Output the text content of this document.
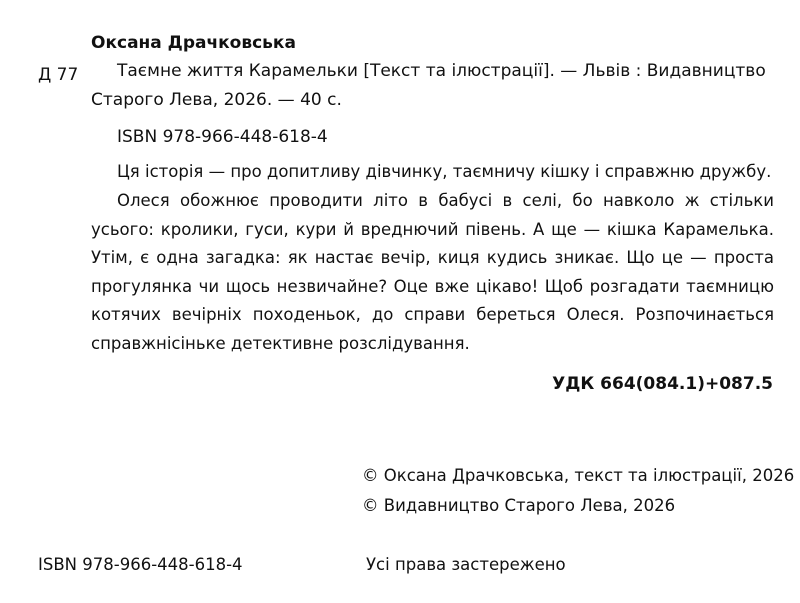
Оксана Драчковська
Д 77 Таємне життя Карамельки [Текст та ілюстрації]. — Львів : Видавництво
Старого Лева, 2026. — 40 с.
ISBN 978-966-448-618-4
Ця історія — про допитливу дівчинку, таємничу кішку і справжню дружбу.
Олеся обожнює проводити літо в бабусі в селі, бо навколо ж стільки усього: кролики, гуси, кури й вреднючий півень. А ще — кішка Карамелька. Утім, є одна загадка: як настає вечір, киця кудись зникає. Що це — проста прогулянка чи щось незвичайне? Оце вже цікаво! Щоб розгадати таємницю котячих вечірніх походеньок, до справи береться Олеся. Розпочинається справжнісіньке детективне розслідування.
УДК 664(084.1)+087.5
© Оксана Драчковська, текст та ілюстрації, 2026
© Видавництво Старого Лева, 2026
ISBN 978-966-448-618-4	Усі права застережено
